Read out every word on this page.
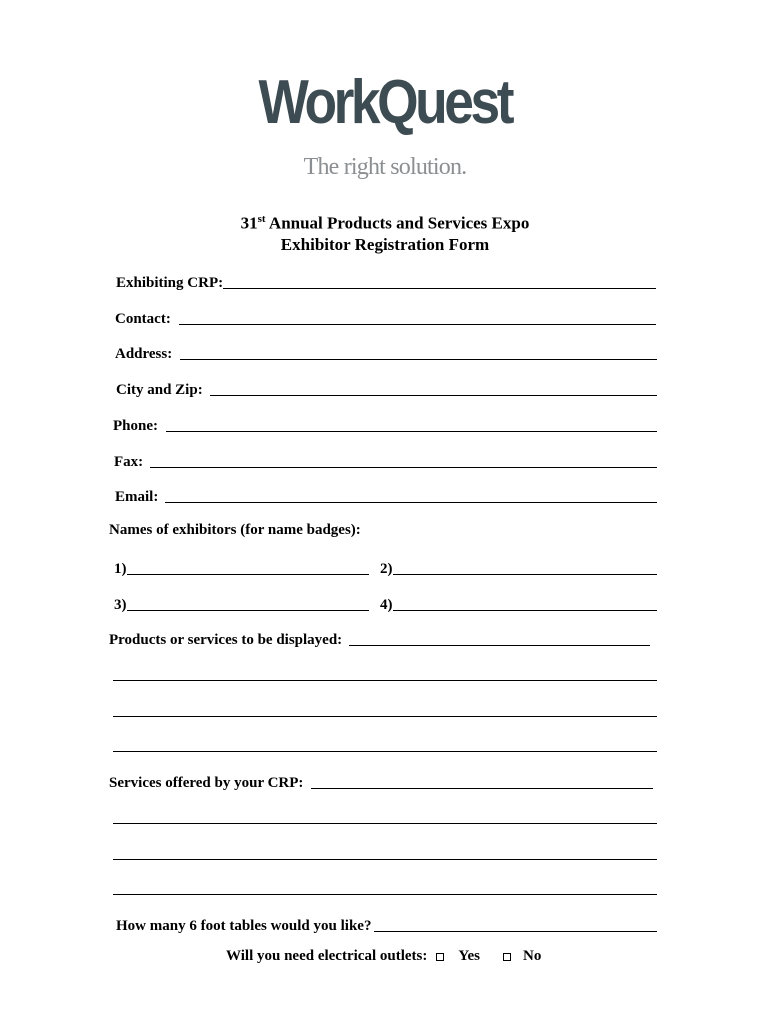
WorkQuest
The right solution.
31st Annual Products and Services Expo
Exhibitor Registration Form
Exhibiting CRP:
Contact:
Address:
City and Zip:
Phone:
Fax:
Email:
Names of exhibitors (for name badges):
1)	2)
3)	4)
Products or services to be displayed:
Services offered by your CRP:
How many 6 foot tables would you like?
Will you need electrical outlets: Yes	No
